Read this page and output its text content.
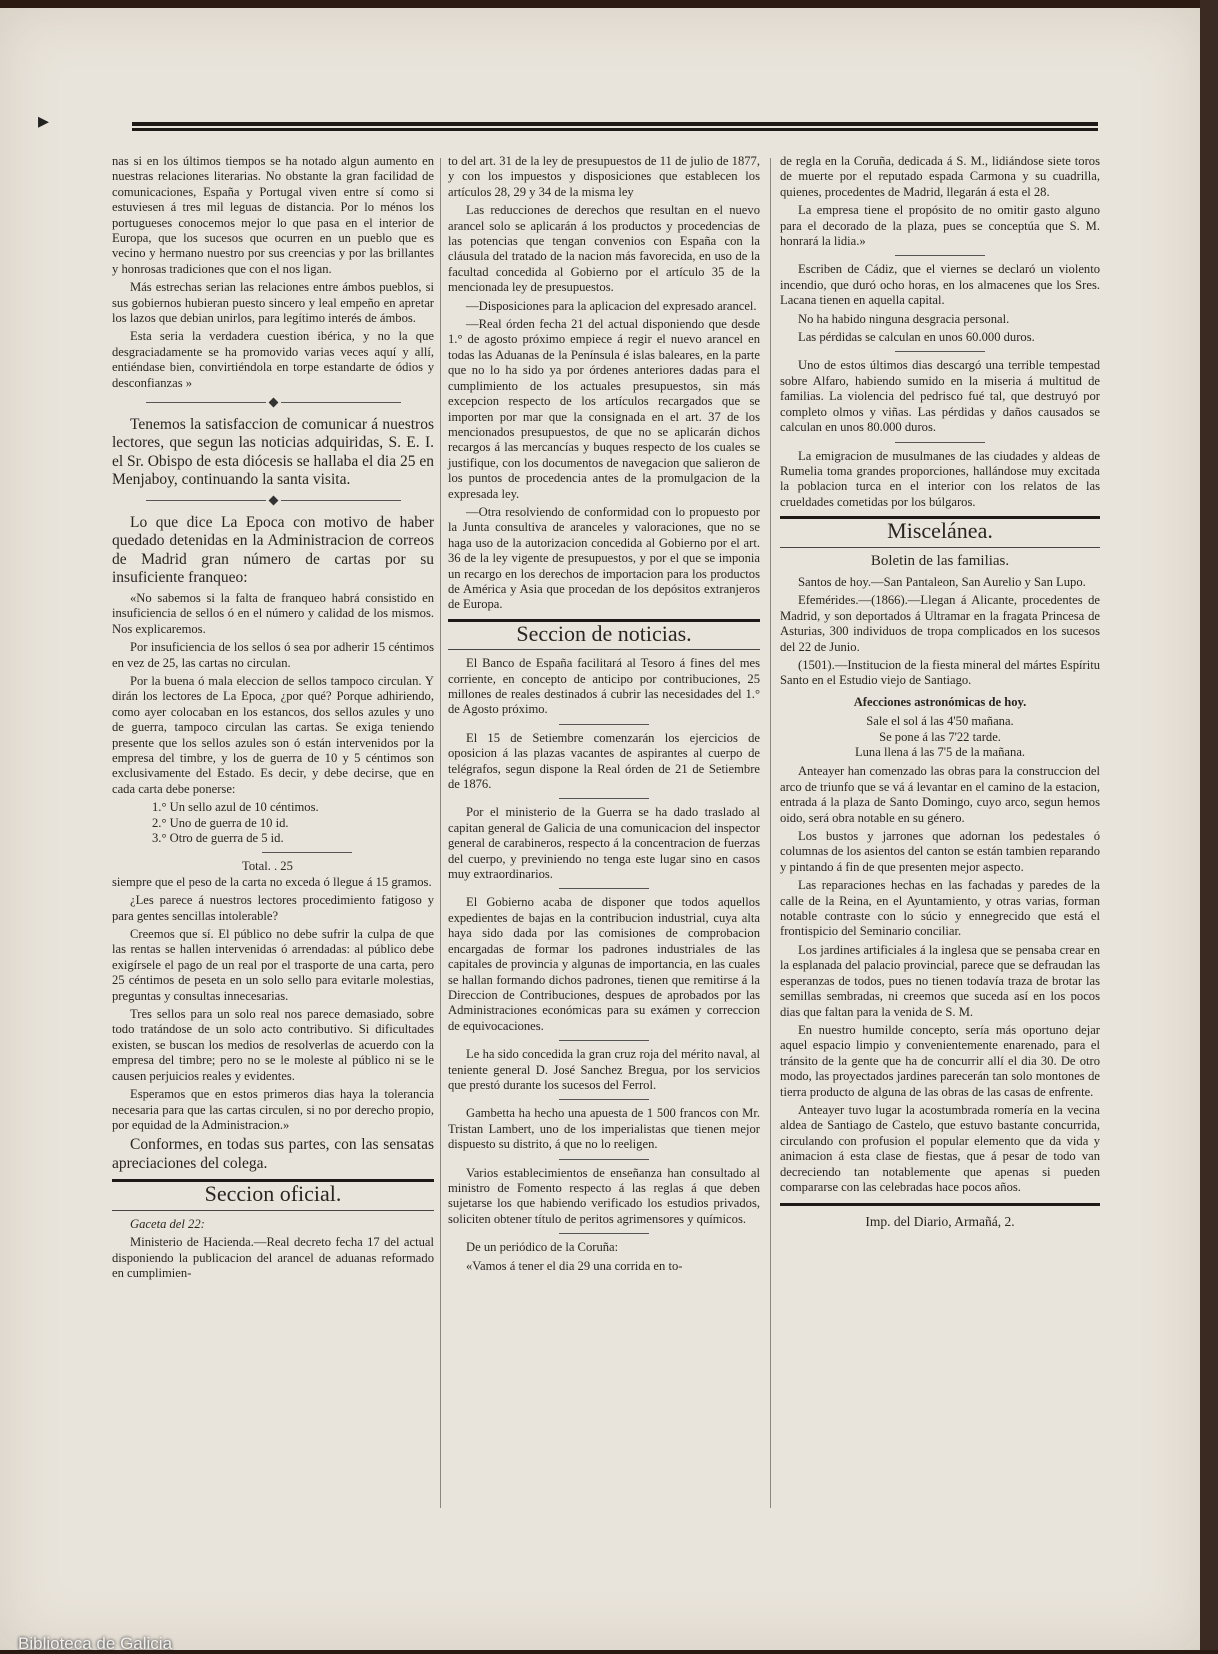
▸

nas si en los últimos tiempos se ha notado algun aumento en nuestras relaciones literarias. No obstante la gran facilidad de comunicaciones, España y Portugal viven entre sí como si estuviesen á tres mil leguas de distancia. Por lo ménos los portugueses conocemos mejor lo que pasa en el interior de Europa, que los sucesos que ocurren en un pueblo que es vecino y hermano nuestro por sus creencias y por las brillantes y honrosas tradiciones que con el nos ligan.

Más estrechas serian las relaciones entre ámbos pueblos, si sus gobiernos hubieran puesto sincero y leal empeño en apretar los lazos que debian unirlos, para legítimo interés de ámbos.

Esta seria la verdadera cuestion ibérica, y no la que desgraciadamente se ha promovido varias veces aquí y allí, entiéndase bien, convirtiéndola en torpe estandarte de ódios y desconfianzas »

Tenemos la satisfaccion de comunicar á nuestros lectores, que segun las noticias adquiridas, S. E. I. el Sr. Obispo de esta diócesis se hallaba el dia 25 en Menjaboy, continuando la santa visita.

Lo que dice La Epoca con motivo de haber quedado detenidas en la Administracion de correos de Madrid gran número de cartas por su insuficiente franqueo:

«No sabemos si la falta de franqueo habrá consistido en insuficiencia de sellos ó en el número y calidad de los mismos. Nos explicaremos.

Por insuficiencia de los sellos ó sea por adherir 15 céntimos en vez de 25, las cartas no circulan.

Por la buena ó mala eleccion de sellos tampoco circulan. Y dirán los lectores de La Epoca, ¿por qué? Porque adhiriendo, como ayer colocaban en los estancos, dos sellos azules y uno de guerra, tampoco circulan las cartas. Se exiga teniendo presente que los sellos azules son ó están intervenidos por la empresa del timbre, y los de guerra de 10 y 5 céntimos son exclusivamente del Estado. Es decir, y debe decirse, que en cada carta debe ponerse:

1.° Un sello azul de 10 céntimos.
2.° Uno de guerra de 10 id.
3.° Otro de guerra de 5 id.
Total. . 25

siempre que el peso de la carta no exceda ó llegue á 15 gramos.

¿Les parece á nuestros lectores procedimiento fatigoso y para gentes sencillas intolerable?

Creemos que sí. El público no debe sufrir la culpa de que las rentas se hallen intervenidas ó arrendadas: al público debe exigírsele el pago de un real por el trasporte de una carta, pero 25 céntimos de peseta en un solo sello para evitarle molestias, preguntas y consultas innecesarias.

Tres sellos para un solo real nos parece demasiado, sobre todo tratándose de un solo acto contributivo. Si dificultades existen, se buscan los medios de resolverlas de acuerdo con la empresa del timbre; pero no se le moleste al público ni se le causen perjuicios reales y evidentes.

Esperamos que en estos primeros dias haya la tolerancia necesaria para que las cartas circulen, si no por derecho propio, por equidad de la Administracion.»

Conformes, en todas sus partes, con las sensatas apreciaciones del colega.

Seccion oficial.

Gaceta del 22:

Ministerio de Hacienda.—Real decreto fecha 17 del actual disponiendo la publicacion del arancel de aduanas reformado en cumplimien-

to del art. 31 de la ley de presupuestos de 11 de julio de 1877, y con los impuestos y disposiciones que establecen los artículos 28, 29 y 34 de la misma ley

Las reducciones de derechos que resultan en el nuevo arancel solo se aplicarán á los productos y procedencias de las potencias que tengan convenios con España con la cláusula del tratado de la nacion más favorecida, en uso de la facultad concedida al Gobierno por el artículo 35 de la mencionada ley de presupuestos.

—Disposiciones para la aplicacion del expresado arancel.

—Real órden fecha 21 del actual disponiendo que desde 1.° de agosto próximo empiece á regir el nuevo arancel en todas las Aduanas de la Península é islas baleares, en la parte que no lo ha sido ya por órdenes anteriores dadas para el cumplimiento de los actuales presupuestos, sin más excepcion respecto de los artículos recargados que se importen por mar que la consignada en el art. 37 de los mencionados presupuestos, de que no se aplicarán dichos recargos á las mercancías y buques respecto de los cuales se justifique, con los documentos de navegacion que salieron de los puntos de procedencia antes de la promulgacion de la expresada ley.

—Otra resolviendo de conformidad con lo propuesto por la Junta consultiva de aranceles y valoraciones, que no se haga uso de la autorizacion concedida al Gobierno por el art. 36 de la ley vigente de presupuestos, y por el que se imponia un recargo en los derechos de importacion para los productos de América y Asia que procedan de los depósitos extranjeros de Europa.

Seccion de noticias.

El Banco de España facilitará al Tesoro á fines del mes corriente, en concepto de anticipo por contribuciones, 25 millones de reales destinados á cubrir las necesidades del 1.° de Agosto próximo.

El 15 de Setiembre comenzarán los ejercicios de oposicion á las plazas vacantes de aspirantes al cuerpo de telégrafos, segun dispone la Real órden de 21 de Setiembre de 1876.

Por el ministerio de la Guerra se ha dado traslado al capitan general de Galicia de una comunicacion del inspector general de carabineros, respecto á la concentracion de fuerzas del cuerpo, y previniendo no tenga este lugar sino en casos muy extraordinarios.

El Gobierno acaba de disponer que todos aquellos expedientes de bajas en la contribucion industrial, cuya alta haya sido dada por las comisiones de comprobacion encargadas de formar los padrones industriales de las capitales de provincia y algunas de importancia, en las cuales se hallan formando dichos padrones, tienen que remitirse á la Direccion de Contribuciones, despues de aprobados por las Administraciones económicas para su exámen y correccion de equivocaciones.

Le ha sido concedida la gran cruz roja del mérito naval, al teniente general D. José Sanchez Bregua, por los servicios que prestó durante los sucesos del Ferrol.

Gambetta ha hecho una apuesta de 1 500 francos con Mr. Tristan Lambert, uno de los imperialistas que tienen mejor dispuesto su distrito, á que no lo reeligen.

Varios establecimientos de enseñanza han consultado al ministro de Fomento respecto á las reglas á que deben sujetarse los que habiendo verificado los estudios privados, soliciten obtener título de peritos agrimensores y químicos.

De un periódico de la Coruña:

«Vamos á tener el dia 29 una corrida en to-

de regla en la Coruña, dedicada á S. M., lidiándose siete toros de muerte por el reputado espada Carmona y su cuadrilla, quienes, procedentes de Madrid, llegarán á esta el 28.

La empresa tiene el propósito de no omitir gasto alguno para el decorado de la plaza, pues se conceptúa que S. M. honrará la lidia.»

Escriben de Cádiz, que el viernes se declaró un violento incendio, que duró ocho horas, en los almacenes que los Sres. Lacana tienen en aquella capital.

No ha habido ninguna desgracia personal.

Las pérdidas se calculan en unos 60.000 duros.

Uno de estos últimos dias descargó una terrible tempestad sobre Alfaro, habiendo sumido en la miseria á multitud de familias. La violencia del pedrisco fué tal, que destruyó por completo olmos y viñas. Las pérdidas y daños causados se calculan en unos 80.000 duros.

La emigracion de musulmanes de las ciudades y aldeas de Rumelia toma grandes proporciones, hallándose muy excitada la poblacion turca en el interior con los relatos de las crueldades cometidas por los búlgaros.

Miscelánea.
Boletin de las familias.

Santos de hoy.—San Pantaleon, San Aurelio y San Lupo.

Efemérides.—(1866).—Llegan á Alicante, procedentes de Madrid, y son deportados á Ultramar en la fragata Princesa de Asturias, 300 individuos de tropa complicados en los sucesos del 22 de Junio.

(1501).—Institucion de la fiesta mineral del mártes Espíritu Santo en el Estudio viejo de Santiago.

Afecciones astronómicas de hoy.
Sale el sol á las 4'50 mañana.
Se pone á las 7'22 tarde.
Luna llena á las 7'5 de la mañana.

Anteayer han comenzado las obras para la construccion del arco de triunfo que se vá á levantar en el camino de la estacion, entrada á la plaza de Santo Domingo, cuyo arco, segun hemos oido, será obra notable en su género.

Los bustos y jarrones que adornan los pedestales ó columnas de los asientos del canton se están tambien reparando y pintando á fin de que presenten mejor aspecto.

Las reparaciones hechas en las fachadas y paredes de la calle de la Reina, en el Ayuntamiento, y otras varias, forman notable contraste con lo súcio y ennegrecido que está el frontispicio del Seminario conciliar.

Los jardines artificiales á la inglesa que se pensaba crear en la esplanada del palacio provincial, parece que se defraudan las esperanzas de todos, pues no tienen todavía traza de brotar las semillas sembradas, ni creemos que suceda así en los pocos dias que faltan para la venida de S. M.

En nuestro humilde concepto, sería más oportuno dejar aquel espacio limpio y convenientemente enarenado, para el tránsito de la gente que ha de concurrir allí el dia 30. De otro modo, las proyectados jardines parecerán tan solo montones de tierra producto de alguna de las obras de las casas de enfrente.

Anteayer tuvo lugar la acostumbrada romería en la vecina aldea de Santiago de Castelo, que estuvo bastante concurrida, circulando con profusion el popular elemento que da vida y animacion á esta clase de fiestas, que á pesar de todo van decreciendo tan notablemente que apenas si pueden compararse con las celebradas hace pocos años.

Imp. del Diario, Armañá, 2.
Biblioteca de Galicia
